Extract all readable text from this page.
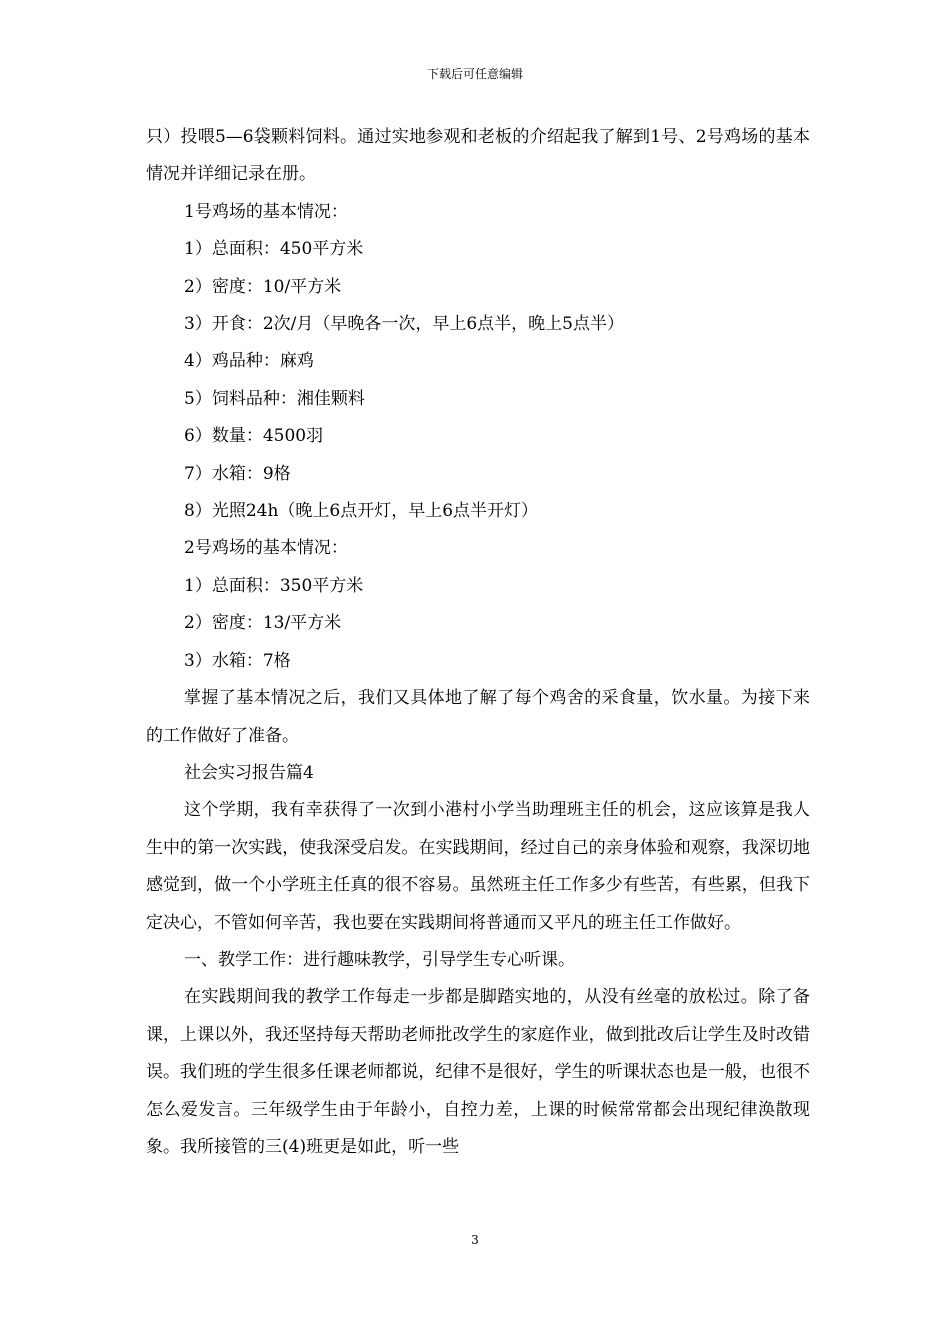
下载后可任意编辑

只）投喂5—6袋颗料饲料。通过实地参观和老板的介绍起我了解到1号、2号鸡场的基本情况并详细记录在册。

1号鸡场的基本情况：

1）总面积：450平方米

2）密度：10/平方米

3）开食：2次/月（早晚各一次，早上6点半，晚上5点半）

4）鸡品种：麻鸡

5）饲料品种：湘佳颗料

6）数量：4500羽

7）水箱：9格

8）光照24h（晚上6点开灯，早上6点半开灯）

2号鸡场的基本情况：

1）总面积：350平方米

2）密度：13/平方米

3）水箱：7格

掌握了基本情况之后，我们又具体地了解了每个鸡舍的采食量，饮水量。为接下来的工作做好了准备。

社会实习报告篇4

这个学期，我有幸获得了一次到小港村小学当助理班主任的机会，这应该算是我人生中的第一次实践，使我深受启发。在实践期间，经过自己的亲身体验和观察，我深切地感觉到，做一个小学班主任真的很不容易。虽然班主任工作多少有些苦，有些累，但我下定决心，不管如何辛苦，我也要在实践期间将普通而又平凡的班主任工作做好。

一、教学工作：进行趣味教学，引导学生专心听课。

在实践期间我的教学工作每走一步都是脚踏实地的，从没有丝毫的放松过。除了备课，上课以外，我还坚持每天帮助老师批改学生的家庭作业，做到批改后让学生及时改错误。我们班的学生很多任课老师都说，纪律不是很好，学生的听课状态也是一般，也很不怎么爱发言。三年级学生由于年龄小，自控力差，上课的时候常常都会出现纪律涣散现象。我所接管的三(4)班更是如此，听一些

3
